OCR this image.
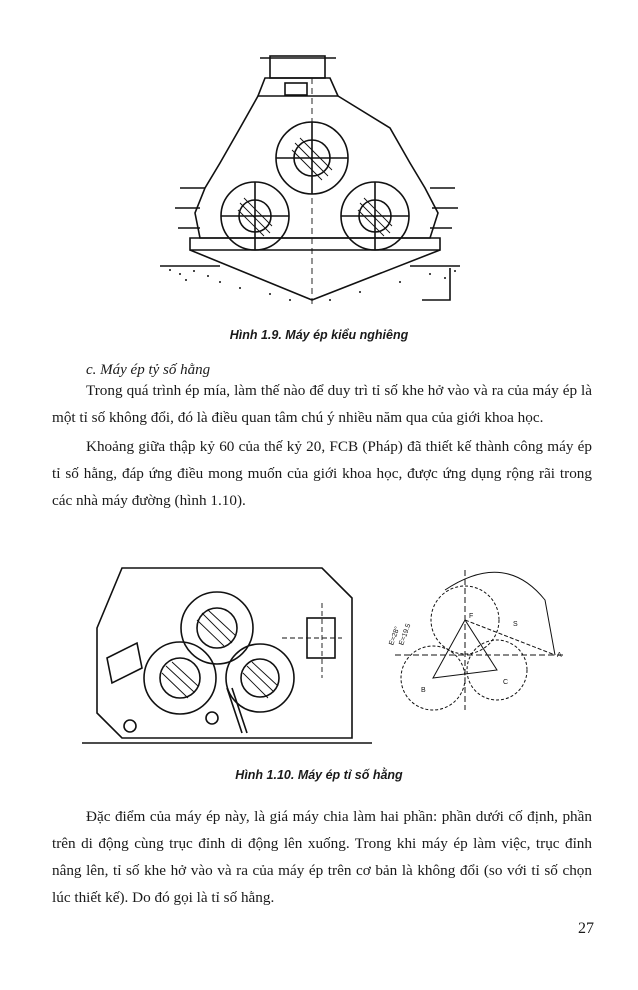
Hình 1.9. Máy ép kiểu nghiêng
c. Máy ép tỷ số hằng

Trong quá trình ép mía, làm thế nào để duy trì tỉ số khe hở vào và ra của máy ép là một tỉ số không đổi, đó là điều quan tâm chú ý nhiều năm qua của giới khoa học.

Khoảng giữa thập kỷ 60 của thế kỷ 20, FCB (Pháp) đã thiết kế thành công máy ép tỉ số hằng, đáp ứng điều mong muốn của giới khoa học, được ứng dụng rộng rãi trong các nhà máy đường (hình 1.10).

A
B
C
F
S
E=28°
E=19.5
Hình 1.10. Máy ép tỉ số hằng

Đặc điểm của máy ép này, là giá máy chia làm hai phần: phần dưới cố định, phần trên di động cùng trục đỉnh di động lên xuống. Trong khi máy ép làm việc, trục đỉnh nâng lên, tỉ số khe hở vào và ra của máy ép trên cơ bản là không đổi (so với tỉ số chọn lúc thiết kế). Do đó gọi là tỉ số hằng.

27
